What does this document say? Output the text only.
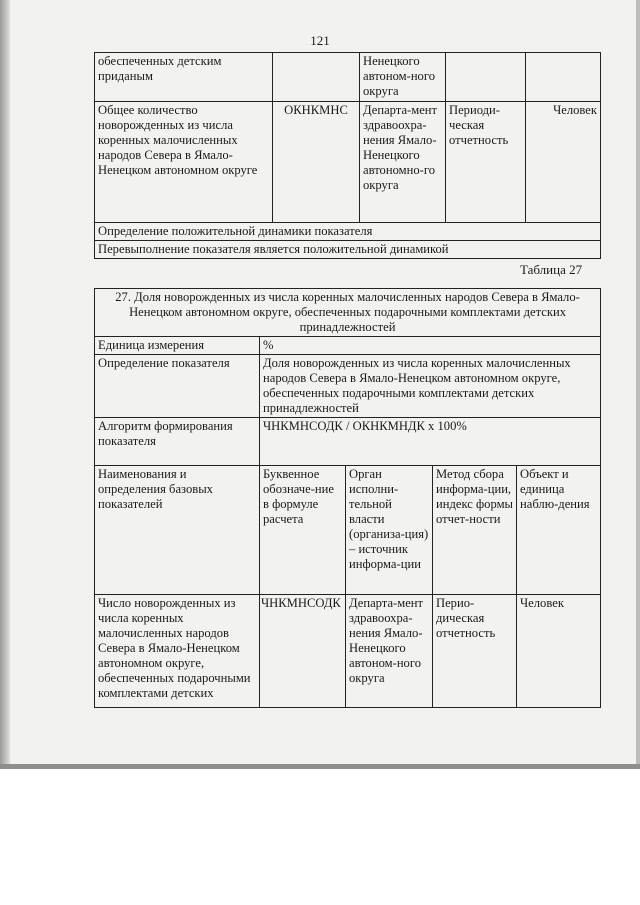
121
обеспеченных детским приданым		Ненецкого автоном-ного округа		
Общее количество новорожденных из числа коренных малочисленных народов Севера в Ямало-Ненецком автономном округе	ОКНКМНС	Департа-мент здравоохра-нения Ямало-Ненецкого автономно-го округа	Периоди-ческая отчетность	Человек
Определение положительной динамики показателя				
Перевыполнение показателя является положительной динамикой				
Таблица 27
27. Доля новорожденных из числа коренных малочисленных народов Севера в Ямало-Ненецком автономном округе, обеспеченных подарочными комплектами детских принадлежностей				
Единица измерения	%			
Определение показателя	Доля новорожденных из числа коренных малочисленных народов Севера в Ямало-Ненецком автономном округе, обеспеченных подарочными комплектами детских принадлежностей			
Алгоритм формирования показателя	ЧНКМНСОДК / ОКНКМНДК х 100%			
Наименования и определения базовых показателей	Буквенное обозначе-ние в формуле расчета	Орган исполни-тельной власти (организа-ция) – источник информа-ции	Метод сбора информа-ции, индекс формы отчет-ности	Объект и единица наблю-дения
Число новорожденных из числа коренных малочисленных народов Севера в Ямало-Ненецком автономном округе, обеспеченных подарочными комплектами детских	ЧНКМНСОДК	Департа-мент здравоохра-нения Ямало-Ненецкого автоном-ного округа	Перио-дическая отчетность	Человек
